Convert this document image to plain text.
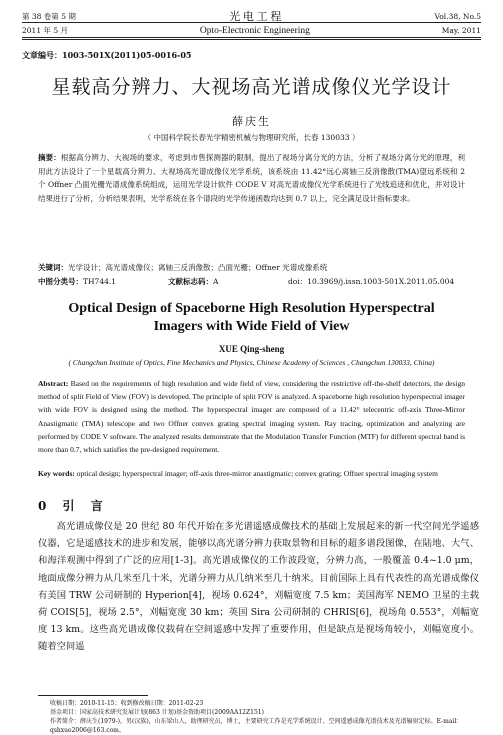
第 38 卷第 5 期	光 电 工 程	Vol.38, No.5
2011 年 5 月	Opto-Electronic Engineering	May, 2011
文章编号：1003-501X(2011)05-0016-05
星载高分辨力、大视场高光谱成像仪光学设计
薛庆生
（ 中国科学院长春光学精密机械与物理研究所，长春 130033 ）
摘要：根据高分辨力、大视场的要求，考虑到市售探测器的限制，提出了视场分离分光的方法，分析了视场分离分光的原理，利用此方法设计了一个星载高分辨力、大视场高光谱成像仪光学系统，该系统由 11.42°远心离轴三反消像散(TMA)望远系统和 2 个 Offner 凸面光栅光谱成像系统组成，运用光学设计软件 CODE V 对高光谱成像仪光学系统进行了光线追迹和优化，并对设计结果进行了分析，分析结果表明，光学系统在各个谱段的光学传递函数均达到 0.7 以上，完全满足设计指标要求。
关键词：光学设计；高光谱成像仪；离轴三反消像散；凸面光栅；Offner 光谱成像系统
中图分类号：TH744.1	文献标志码：A	doi：10.3969/j.issn.1003-501X.2011.05.004
Optical Design of Spaceborne High Resolution Hyperspectral
Imagers with Wide Field of View
XUE Qing-sheng
( Changchun Institute of Optics, Fine Mechanics and Physics, Chinese Academy of Sciences , Changchun 130033, China)
Abstract: Based on the requirements of high resolution and wide field of view, considering the restrictive off-the-shelf detectors, the design method of split Field of View (FOV) is developed. The principle of split FOV is analyzed. A spaceborne high resolution hyperspectral imager with wide FOV is designed using the method. The hyperspectral imager are composed of a 11.42° telecentric off-axis Three-Mirror Anastigmatic (TMA) telescope and two Offner convex grating spectral imaging system. Ray tracing, optimization and analyzing are performed by CODE V software. The analyzed results demonstrate that the Modulation Transfer Function (MTF) for different spectral band is more than 0.7, which satisfies the pre-designed requirement.
Key words: optical design; hyperspectral imager; off-axis three-mirror anastigmatic; convex grating; Offner spectral imaging system
0 引 言
高光谱成像仪是 20 世纪 80 年代开始在多光谱遥感成像技术的基础上发展起来的新一代空间光学遥感仪器，它是遥感技术的进步和发展，能够以高光谱分辨力获取景物和目标的超多谱段图像，在陆地、大气、和海洋观测中得到了广泛的应用[1-3]。高光谱成像仪的工作波段宽，分辨力高，一般覆盖 0.4~1.0 μm，地面成像分辨力从几米至几十米，光谱分辨力从几纳米至几十纳米。目前国际上具有代表性的高光谱成像仪有美国 TRW 公司研制的 Hyperion[4]，视场 0.624°，刈幅宽度 7.5 km；美国海军 NEMO 卫星的主载荷 COIS[5]，视场 2.5°，刈幅宽度 30 km；英国 Sira 公司研制的 CHRIS[6]，视场角 0.553°，刈幅宽度 13 km。这些高光谱成像仪载荷在空间遥感中发挥了重要作用，但是缺点是视场角较小，刈幅宽度小。随着空间遥
收稿日期：2010-11-15；收到修改稿日期：2011-02-23
基金项目：国家高技术研究发展计划(863 计划)基金资助项目(2009AA12Z151)
作者简介：薛庆生(1979-)，男(汉族)，山东梁山人，助理研究员，博士，主要研究工作是光学系统设计、空间遥感成像光谱技术及光谱辐射定标。E-mail：qshxue2006@163.com。
